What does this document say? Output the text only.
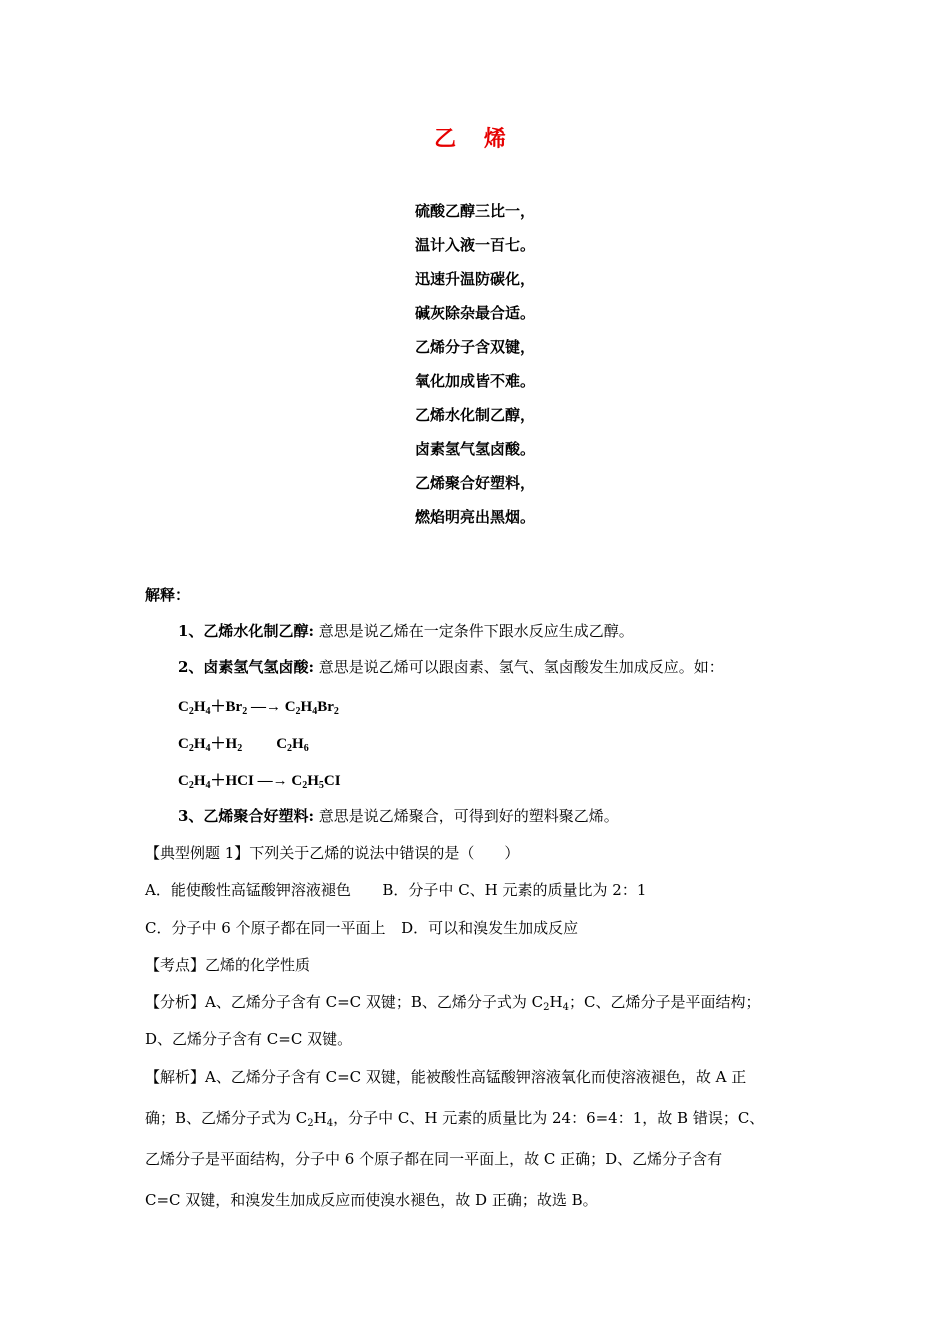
乙 烯

硫酸乙醇三比一，

温计入液一百七。

迅速升温防碳化，

碱灰除杂最合适。

乙烯分子含双键，

氧化加成皆不难。

乙烯水化制乙醇，

卤素氢气氢卤酸。

乙烯聚合好塑料，

燃焰明亮出黑烟。

解释：
1、乙烯水化制乙醇: 意思是说乙烯在一定条件下跟水反应生成乙醇。
2、卤素氢气氢卤酸: 意思是说乙烯可以跟卤素、氢气、氢卤酸发生加成反应。如：
$C_2H_4+Br_2$ —→ $C_2H_4Br_2$
$C_2H_4+H_2$ $C_2H_6$
$C_2H_4+HCI$ —→ $C_2H_5CI$
3、乙烯聚合好塑料: 意思是说乙烯聚合，可得到好的塑料聚乙烯。
【典型例题 1】下列关于乙烯的说法中错误的是（　　）
A．能使酸性高锰酸钾溶液褪色 B．分子中 C、H 元素的质量比为 2：1
C．分子中 6 个原子都在同一平面上 D．可以和溴发生加成反应
【考点】乙烯的化学性质
【分析】A、乙烯分子含有 C=C 双键；B、乙烯分子式为 $C_2H_4$；C、乙烯分子是平面结构；
D、乙烯分子含有 C=C 双键。
【解析】A、乙烯分子含有 C=C 双键，能被酸性高锰酸钾溶液氧化而使溶液褪色，故 A 正
确；B、乙烯分子式为 $C_2H_4$，分子中 C、H 元素的质量比为 24：6=4：1，故 B 错误；C、
乙烯分子是平面结构，分子中 6 个原子都在同一平面上，故 C 正确；D、乙烯分子含有
C=C 双键，和溴发生加成反应而使溴水褪色，故 D 正确；故选 B。
